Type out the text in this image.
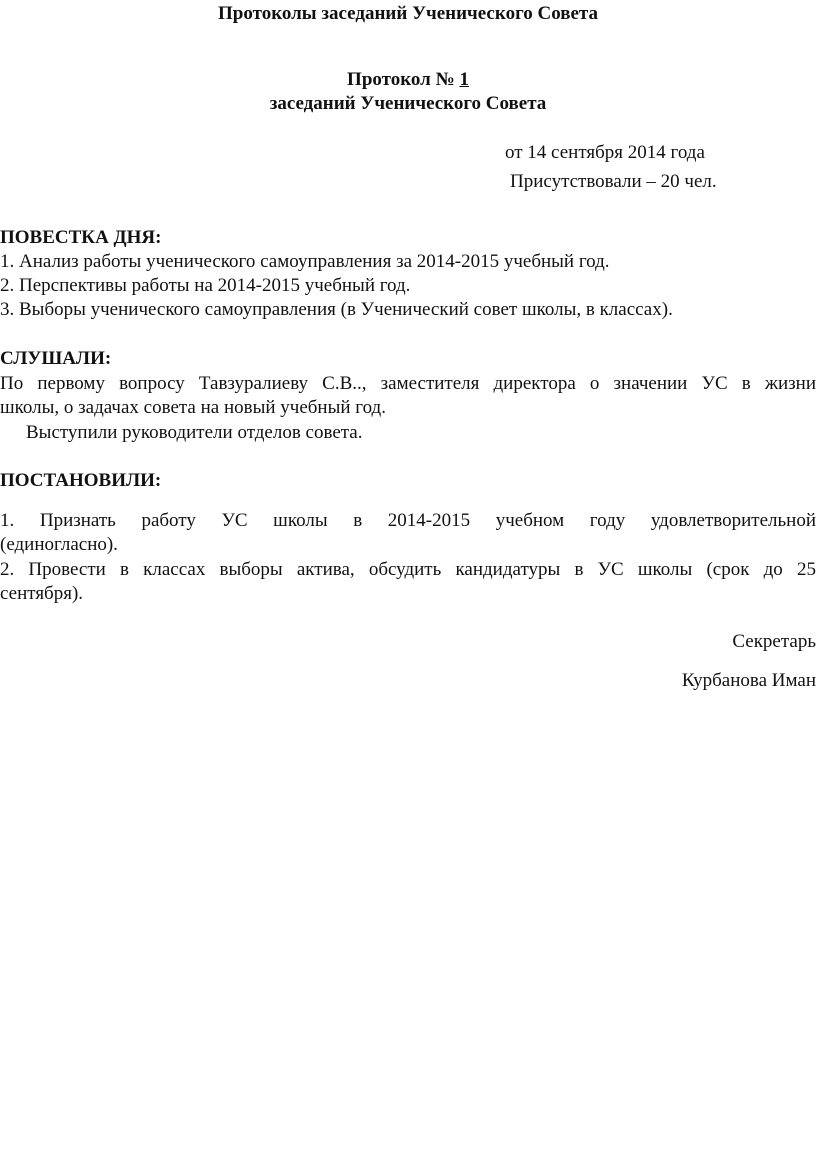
Протоколы заседаний Ученического Совета
Протокол № 1
заседаний Ученического Совета
от 14 сентября 2014 года
Присутствовали – 20 чел.
ПОВЕСТКА ДНЯ:
1. Анализ работы ученического самоуправления за 2014-2015 учебный год.
2. Перспективы работы на 2014-2015 учебный год.
3. Выборы ученического самоуправления (в Ученический совет школы, в классах).
СЛУШАЛИ:
По первому вопросу Тавзуралиеву С.В.., заместителя директора о значении УС в жизни
школы, о задачах совета на новый учебный год.
Выступили руководители отделов совета.
ПОСТАНОВИЛИ:
1. Признать работу УС школы в 2014-2015 учебном году удовлетворительной
(единогласно).
2. Провести в классах выборы актива, обсудить кандидатуры в УС школы (срок до 25
сентября).
Секретарь
Курбанова Иман
